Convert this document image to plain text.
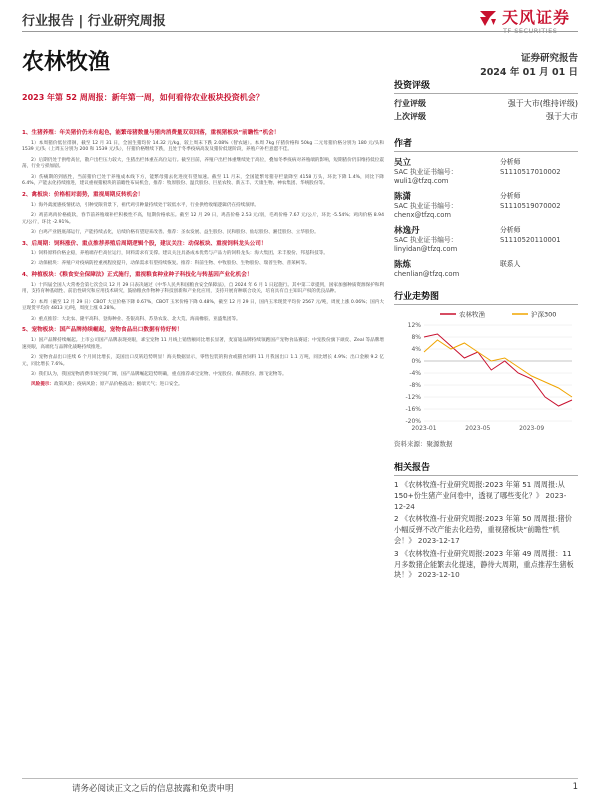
行业报告 | 行业研究周报	天风证券
TF SECURITIES
农林牧渔	证券研究报告
2024 年 01 月 01 日
2023 年第 52 周周报：新年第一周，如何看待农业板块投资机会？

1、生猪养殖：年关猪价仍未有起色，能繁母猪数量与猪肉消费量双双回落，重视猪板块“前瞻性”机会！

1）本周猪价低位徘徊，截至 12 月 31 日，全国生猪均价 14.32 元/kg，较上周末下跌 2.08%（智农通）。本周 7kg 仔猪价格和 50kg 二元母猪价格分别为 180 元/头和 1539 元/头（上周五分别为 200 和 1539 元/头），仔猪价格继续下跌，且处于冬季疫病高发及猪价低迷阶段，养殖户补栏意愿不佳。

2）后期仍处于供给高位，散户出栏压力较大，生猪出栏体重在高位运行。截至目前，养殖户出栏体重继续处于高位，叠加冬季疫病对养殖端的影响，短期猪价仍旧维持低位震荡，行业亏损加剧。

3）伤痛期的到底性，当前猪价已处于养殖成本线下方，能繁母猪去化进度有望加速。截至 11 月末，全国能繁母猪存栏量降至 4158 万头，环比下降 1.4%，同比下降 6.4%，产能去化持续推进，建议重视猪板块的前瞻性布局机会，推荐：牧原股份、温氏股份、巨星农牧、新五丰、天康生物、神农集团、华统股份等。

2、禽板块：价格相对弱势，重视周期反转机会！

1）海外禽流感疫情扰动，引种受限背景下，祖代鸡引种量持续处于较低水平，行业供给收缩逻辑仍在持续演绎。

2）鸡苗鸡肉价格疲软，春节前养殖端补栏积极性不高，短期价格承压。截至 12 月 29 日，鸡苗价格 2.53 元/羽，毛鸡价格 7.67 元/公斤，环比 -5.54%；鸡肉价格 8.94 元/公斤，环比 -2.91%。

3）白鸡产业链底部运行，产能持续去化，后续价格有望迎来改善。推荐：圣农发展、益生股份、民和股份、仙坛股份、湘佳股份、立华股份。

3、后周期：饲料涨价、重点推荐养殖后周期逻辑个股，建议关注：动保板块、重视饲料龙头公司！

1）饲料原料价格企稳，养殖端存栏高位运行，饲料需求有支撑。建议关注具备成本优势与产品力的饲料龙头：海大集团、禾丰股份、邦基科技等。

2）动保板块：养殖户对疫病防控重视程度提升，动保需求有望持续恢复。推荐：科前生物、中牧股份、生物股份、瑞普生物、普莱柯等。

4、种植板块：《粮食安全保障法》正式施行，重视粮食种业种子科技化与转基因产业化机会！

1）十四届全国人大常委会第七次会议 12 月 29 日表决通过《中华人民共和国粮食安全保障法》，自 2024 年 6 月 1 日起施行。其中第二章提到，国家加强种质资源保护和利用，支持育种基础性、前沿性研究和应用技术研究，鼓励粮食作物种子科技创新和产业化应用，支持开展育种联合攻关，培育具有自主知识产权的优良品种。

2）本周（截至 12 月 29 日）CBOT 大豆价格下降 0.67%，CBOT 玉米价格下降 0.48%，截至 12 月 29 日，国内玉米现货平均价 2567 元/吨，周度上涨 0.06%；国内大豆现货平均价 4813 元/吨，周度上涨 0.28%。

3）重点推荐：大北农、隆平高科、登海种业、荃银高科、苏垦农发、北大荒、海南橡胶、亚盛集团等。

5、宠物板块：国产品牌持续崛起，宠物食品出口数据有待好转！

1）国产品牌持续崛起。上市公司国产品牌表现亮眼，乖宝宠物 11 月线上销售额同比增长显著，麦富迪品牌持续领跑国产宠物食品赛道；中宠股份旗下顽皮、Zeal 等品牌增速亮眼，高端化与品牌化战略持续推进。

2）宠物食品出口连续 6 个月同比增长，美国出口反转趋势明显！海关数据显示，零售包装的狗食或猫食饲料 11 月我国出口 1.1 万吨，同比增长 4.9%；出口金额 9.2 亿元，同比增长 7.6%。

3）我们认为，我国宠物消费市场空间广阔，国产品牌崛起趋势明确，重点推荐乖宝宠物、中宠股份、佩蒂股份、源飞宠物等。

风险提示：政策风险；疫病风险；原产品价格波动；极端天气；进口安全。

投资评级
行业评级	强于大市(维持评级)
上次评级	强于大市
作者
吴立	分析师
SAC 执业证书编号：	S1110517010002
wuli1@tfzq.com
陈潇	分析师
SAC 执业证书编号：	S1110519070002
chenx@tfzq.com
林逸丹	分析师
SAC 执业证书编号：	S1110520110001
linyidan@tfzq.com
陈炼	联系人
chenlian@tfzq.com
行业走势图
12%
8%
4%
0%
-4%
-8%
-12%
-16%
-20%
2023-01	2023-05	2023-09
农林牧渔	沪深300
资料来源：聚源数据
相关报告
1 《农林牧渔-行业研究周报:2023 年第 51 周周报:从 150+份生猪产业问卷中，透视了哪些变化？》 2023-12-24
2 《农林牧渔-行业研究周报:2023 年第 50 周周报:猪价小幅反弹不改产能去化趋势，重视猪板块“前瞻性”机会！》 2023-12-17
3 《农林牧渔-行业研究周报:2023 年第 49 周周报：11 月多数猪企能繁去化提速，静待大周期，重点推荐生猪板块！》 2023-12-10
请务必阅读正文之后的信息披露和免责申明	1
